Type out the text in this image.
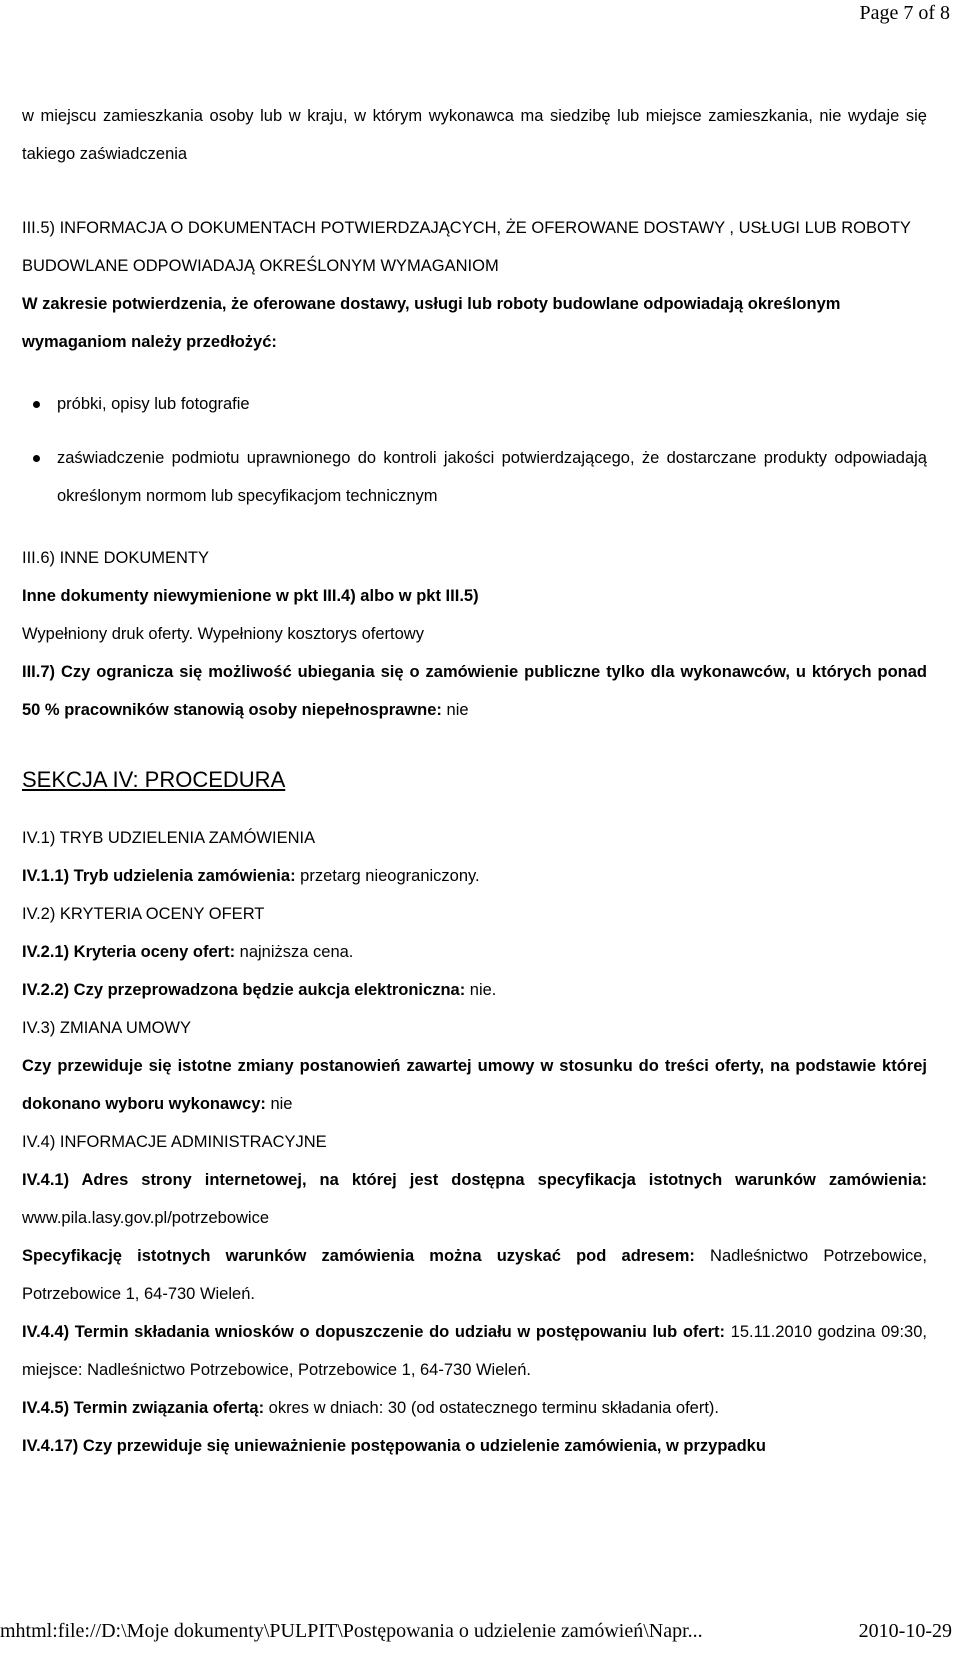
Page 7 of 8
w miejscu zamieszkania osoby lub w kraju, w którym wykonawca ma siedzibę lub miejsce zamieszkania, nie wydaje się takiego zaświadczenia
III.5) INFORMACJA O DOKUMENTACH POTWIERDZAJĄCYCH, ŻE OFEROWANE DOSTAWY , USŁUGI LUB ROBOTY BUDOWLANE ODPOWIADAJĄ OKREŚLONYM WYMAGANIOM
W zakresie potwierdzenia, że oferowane dostawy, usługi lub roboty budowlane odpowiadają określonym wymaganiom należy przedłożyć:
próbki, opisy lub fotografie
zaświadczenie podmiotu uprawnionego do kontroli jakości potwierdzającego, że dostarczane produkty odpowiadają określonym normom lub specyfikacjom technicznym
III.6) INNE DOKUMENTY
Inne dokumenty niewymienione w pkt III.4) albo w pkt III.5)
Wypełniony druk oferty. Wypełniony kosztorys ofertowy
III.7) Czy ogranicza się możliwość ubiegania się o zamówienie publiczne tylko dla wykonawców, u których ponad 50 % pracowników stanowią osoby niepełnosprawne: nie
SEKCJA IV: PROCEDURA
IV.1) TRYB UDZIELENIA ZAMÓWIENIA
IV.1.1) Tryb udzielenia zamówienia: przetarg nieograniczony.
IV.2) KRYTERIA OCENY OFERT
IV.2.1) Kryteria oceny ofert: najniższa cena.
IV.2.2) Czy przeprowadzona będzie aukcja elektroniczna: nie.
IV.3) ZMIANA UMOWY
Czy przewiduje się istotne zmiany postanowień zawartej umowy w stosunku do treści oferty, na podstawie której dokonano wyboru wykonawcy: nie
IV.4) INFORMACJE ADMINISTRACYJNE
IV.4.1) Adres strony internetowej, na której jest dostępna specyfikacja istotnych warunków zamówienia: www.pila.lasy.gov.pl/potrzebowice
Specyfikację istotnych warunków zamówienia można uzyskać pod adresem: Nadleśnictwo Potrzebowice, Potrzebowice 1, 64-730 Wieleń.
IV.4.4) Termin składania wniosków o dopuszczenie do udziału w postępowaniu lub ofert: 15.11.2010 godzina 09:30, miejsce: Nadleśnictwo Potrzebowice, Potrzebowice 1, 64-730 Wieleń.
IV.4.5) Termin związania ofertą: okres w dniach: 30 (od ostatecznego terminu składania ofert).
IV.4.17) Czy przewiduje się unieważnienie postępowania o udzielenie zamówienia, w przypadku
mhtml:file://D:\Moje dokumenty\PULPIT\Postępowania o udzielenie zamówień\Napr...	2010-10-29
